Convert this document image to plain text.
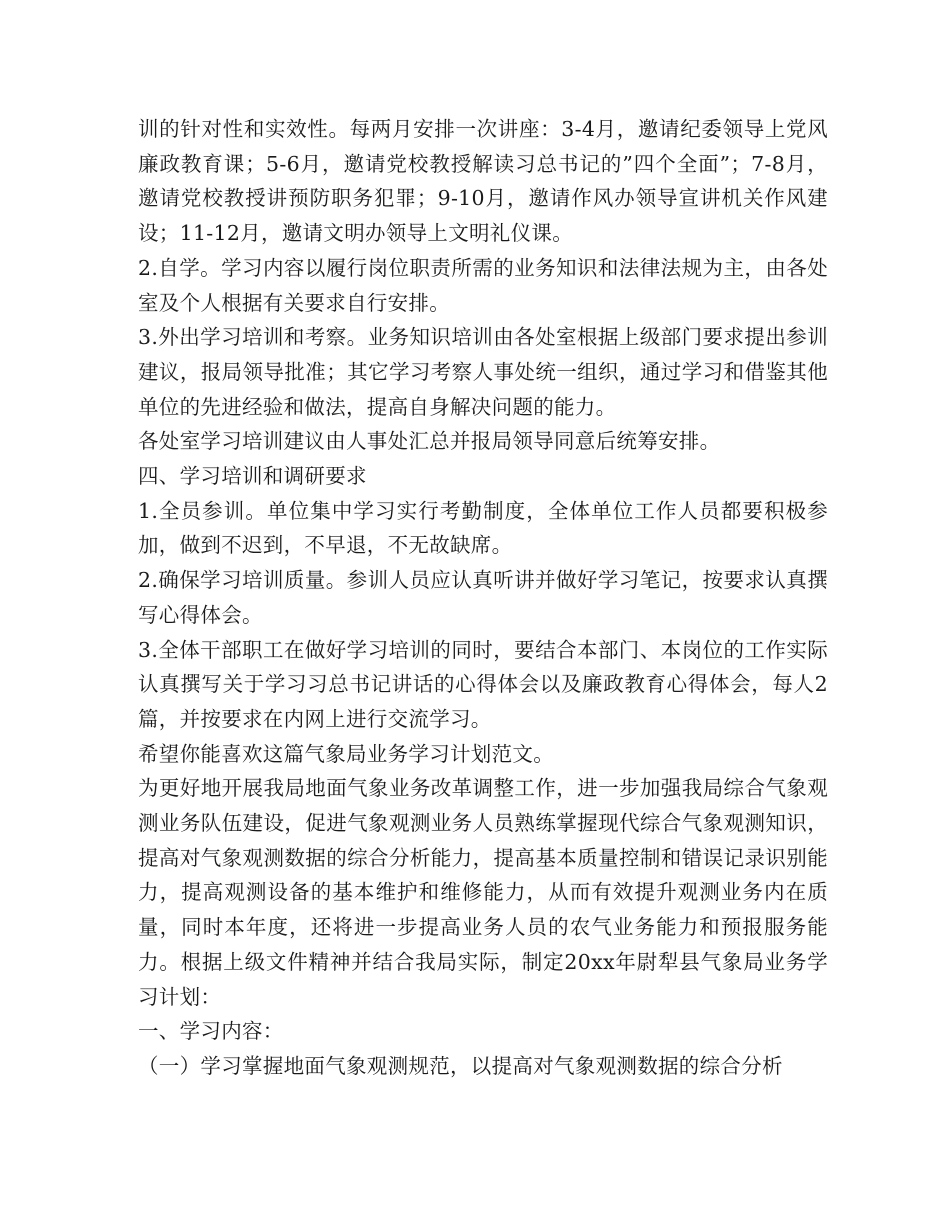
训的针对性和实效性。每两月安排一次讲座：3-4月，邀请纪委领导上党风廉政教育课；5-6月，邀请党校教授解读习总书记的”四个全面”；7-8月，邀请党校教授讲预防职务犯罪；9-10月，邀请作风办领导宣讲机关作风建设；11-12月，邀请文明办领导上文明礼仪课。

2.自学。学习内容以履行岗位职责所需的业务知识和法律法规为主，由各处室及个人根据有关要求自行安排。

3.外出学习培训和考察。业务知识培训由各处室根据上级部门要求提出参训建议，报局领导批准；其它学习考察人事处统一组织，通过学习和借鉴其他单位的先进经验和做法，提高自身解决问题的能力。

各处室学习培训建议由人事处汇总并报局领导同意后统筹安排。

四、学习培训和调研要求

1.全员参训。单位集中学习实行考勤制度，全体单位工作人员都要积极参加，做到不迟到，不早退，不无故缺席。

2.确保学习培训质量。参训人员应认真听讲并做好学习笔记，按要求认真撰写心得体会。

3.全体干部职工在做好学习培训的同时，要结合本部门、本岗位的工作实际认真撰写关于学习习总书记讲话的心得体会以及廉政教育心得体会，每人2篇，并按要求在内网上进行交流学习。

希望你能喜欢这篇气象局业务学习计划范文。

为更好地开展我局地面气象业务改革调整工作，进一步加强我局综合气象观测业务队伍建设，促进气象观测业务人员熟练掌握现代综合气象观测知识，提高对气象观测数据的综合分析能力，提高基本质量控制和错误记录识别能力，提高观测设备的基本维护和维修能力，从而有效提升观测业务内在质量，同时本年度，还将进一步提高业务人员的农气业务能力和预报服务能力。根据上级文件精神并结合我局实际，制定20xx年尉犁县气象局业务学习计划：

一、学习内容：

（一）学习掌握地面气象观测规范，以提高对气象观测数据的综合分析
